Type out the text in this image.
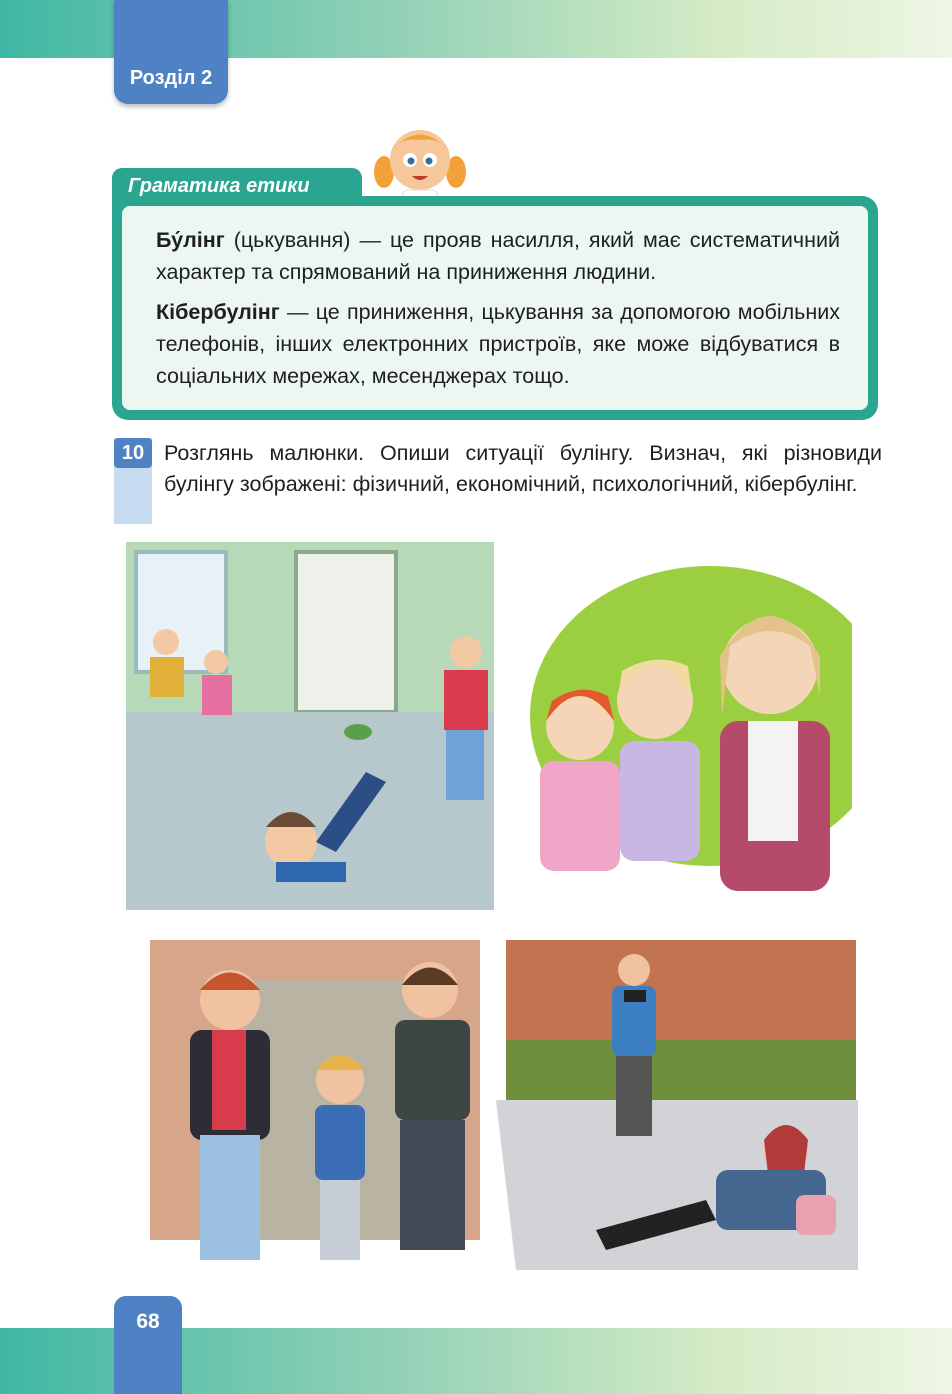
Розділ 2
Граматика етики

Бу́лінг (цькування) — це прояв насилля, який має систематичний характер та спрямований на приниження людини.

Кібербулінг — це приниження, цькування за допомогою мобільних телефонів, інших електронних пристроїв, яке може відбуватися в соціальних мережах, месенджерах тощо.

10 Розглянь малюнки. Опиши ситуації булінгу. Визнач, які різновиди булінгу зображені: фізичний, економічний, психологічний, кібербулінг.
68
